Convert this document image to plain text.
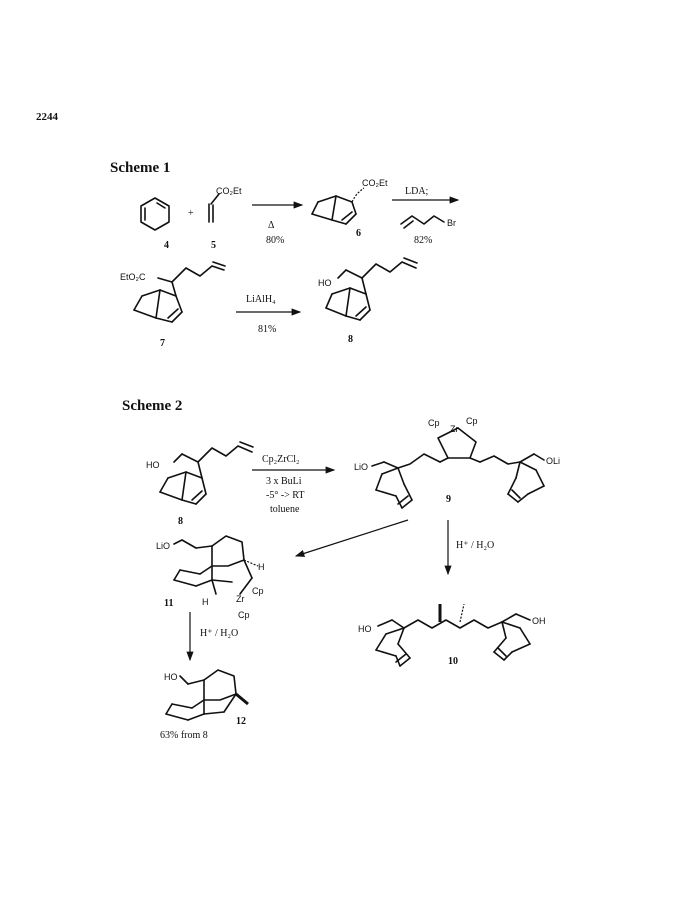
2244
Scheme 1
4
+
CO₂Et
5
Δ
80%
CO₂Et
6
LDA;
Br
82%
EtO₂C
7
LiAlH₄
81%
HO
8
Scheme 2
HO
8
Cp₂ZrCl₂
3 x BuLi
-5° -> RT
toluene
Cp
Zr
Cp
LiO
OLi
9
H⁺ / H₂O
LiO
H
H	Zr
Cp
Cp
11
H⁺ / H₂O
HO
12
63% from 8
HO
OH
10
